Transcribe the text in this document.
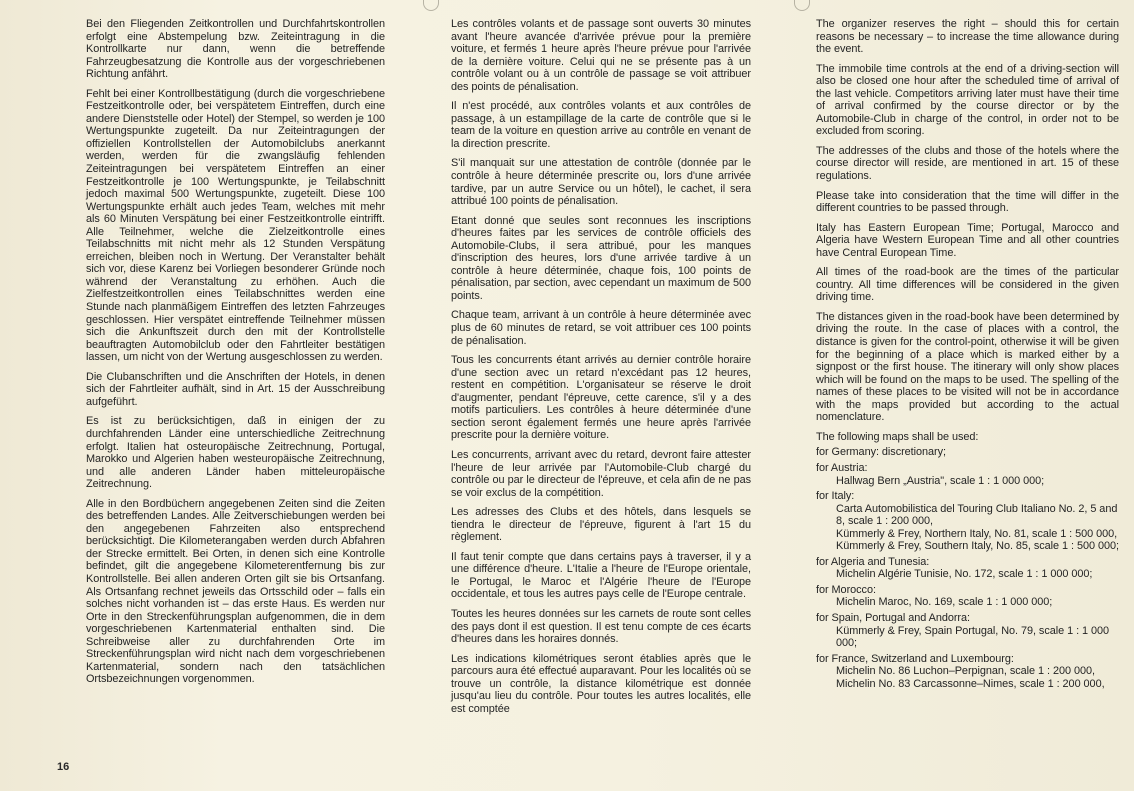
Bei den Fliegenden Zeitkontrollen und Durchfahrtskontrollen erfolgt eine Abstempelung bzw. Zeiteintragung in die Kontrollkarte nur dann, wenn die betreffende Fahrzeugbesatzung die Kontrolle aus der vorgeschriebenen Richtung anfährt.

Fehlt bei einer Kontrollbestätigung (durch die vorgeschriebene Festzeitkontrolle oder, bei verspätetem Eintreffen, durch eine andere Dienststelle oder Hotel) der Stempel, so werden je 100 Wertungspunkte zugeteilt. Da nur Zeiteintragungen der offiziellen Kontrollstellen der Automobilclubs anerkannt werden, werden für die zwangsläufig fehlenden Zeiteintragungen bei verspätetem Eintreffen an einer Festzeitkontrolle je 100 Wertungspunkte, je Teilabschnitt jedoch maximal 500 Wertungspunkte, zugeteilt. Diese 100 Wertungspunkte erhält auch jedes Team, welches mit mehr als 60 Minuten Verspätung bei einer Festzeitkontrolle eintrifft. Alle Teilnehmer, welche die Zielzeitkontrolle eines Teilabschnitts mit nicht mehr als 12 Stunden Verspätung erreichen, bleiben noch in Wertung. Der Veranstalter behält sich vor, diese Karenz bei Vorliegen besonderer Gründe noch während der Veranstaltung zu erhöhen. Auch die Zielfestzeitkontrollen eines Teilabschnittes werden eine Stunde nach planmäßigem Eintreffen des letzten Fahrzeuges geschlossen. Hier verspätet eintreffende Teilnehmer müssen sich die Ankunftszeit durch den mit der Kontrollstelle beauftragten Automobilclub oder den Fahrtleiter bestätigen lassen, um nicht von der Wertung ausgeschlossen zu werden.

Die Clubanschriften und die Anschriften der Hotels, in denen sich der Fahrtleiter aufhält, sind in Art. 15 der Ausschreibung aufgeführt.

Es ist zu berücksichtigen, daß in einigen der zu durchfahrenden Länder eine unterschiedliche Zeitrechnung erfolgt. Italien hat osteuropäische Zeitrechnung, Portugal, Marokko und Algerien haben westeuropäische Zeitrechnung, und alle anderen Länder haben mitteleuropäische Zeitrechnung.

Alle in den Bordbüchern angegebenen Zeiten sind die Zeiten des betreffenden Landes. Alle Zeitverschiebungen werden bei den angegebenen Fahrzeiten also entsprechend berücksichtigt. Die Kilometerangaben werden durch Abfahren der Strecke ermittelt. Bei Orten, in denen sich eine Kontrolle befindet, gilt die angegebene Kilometerentfernung bis zur Kontrollstelle. Bei allen anderen Orten gilt sie bis Ortsanfang. Als Ortsanfang rechnet jeweils das Ortsschild oder – falls ein solches nicht vorhanden ist – das erste Haus. Es werden nur Orte in den Streckenführungsplan aufgenommen, die in dem vorgeschriebenen Kartenmaterial enthalten sind. Die Schreibweise aller zu durchfahrenden Orte im Streckenführungsplan wird nicht nach dem vorgeschriebenen Kartenmaterial, sondern nach den tatsächlichen Ortsbezeichnungen vorgenommen.

Les contrôles volants et de passage sont ouverts 30 minutes avant l'heure avancée d'arrivée prévue pour la première voiture, et fermés 1 heure après l'heure prévue pour l'arrivée de la dernière voiture. Celui qui ne se présente pas à un contrôle volant ou à un contrôle de passage se voit attribuer des points de pénalisation.

Il n'est procédé, aux contrôles volants et aux contrôles de passage, à un estampillage de la carte de contrôle que si le team de la voiture en question arrive au contrôle en venant de la direction prescrite.

S'il manquait sur une attestation de contrôle (donnée par le contrôle à heure déterminée prescrite ou, lors d'une arrivée tardive, par un autre Service ou un hôtel), le cachet, il sera attribué 100 points de pénalisation.

Etant donné que seules sont reconnues les inscriptions d'heures faites par les services de contrôle officiels des Automobile-Clubs, il sera attribué, pour les manques d'inscription des heures, lors d'une arrivée tardive à un contrôle à heure déterminée, chaque fois, 100 points de pénalisation, par section, avec cependant un maximum de 500 points.

Chaque team, arrivant à un contrôle à heure déterminée avec plus de 60 minutes de retard, se voit attribuer ces 100 points de pénalisation.

Tous les concurrents étant arrivés au dernier contrôle horaire d'une section avec un retard n'excédant pas 12 heures, restent en compétition. L'organisateur se réserve le droit d'augmenter, pendant l'épreuve, cette carence, s'il y a des motifs particuliers. Les contrôles à heure déterminée d'une section seront également fermés une heure après l'arrivée prescrite pour la dernière voiture.

Les concurrents, arrivant avec du retard, devront faire attester l'heure de leur arrivée par l'Automobile-Club chargé du contrôle ou par le directeur de l'épreuve, et cela afin de ne pas se voir exclus de la compétition.

Les adresses des Clubs et des hôtels, dans lesquels se tiendra le directeur de l'épreuve, figurent à l'art 15 du règlement.

Il faut tenir compte que dans certains pays à traverser, il y a une différence d'heure. L'Italie a l'heure de l'Europe orientale, le Portugal, le Maroc et l'Algérie l'heure de l'Europe occidentale, et tous les autres pays celle de l'Europe centrale.

Toutes les heures données sur les carnets de route sont celles des pays dont il est question. Il est tenu compte de ces écarts d'heures dans les horaires donnés.

Les indications kilométriques seront établies après que le parcours aura été effectué auparavant. Pour les localités où se trouve un contrôle, la distance kilométrique est donnée jusqu'au lieu du contrôle. Pour toutes les autres localités, elle est comptée

The organizer reserves the right – should this for certain reasons be necessary – to increase the time allowance during the event.

The immobile time controls at the end of a driving-section will also be closed one hour after the scheduled time of arrival of the last vehicle. Competitors arriving later must have their time of arrival confirmed by the course director or by the Automobile-Club in charge of the control, in order not to be excluded from scoring.

The addresses of the clubs and those of the hotels where the course director will reside, are mentioned in art. 15 of these regulations.

Please take into consideration that the time will differ in the different countries to be passed through.

Italy has Eastern European Time; Portugal, Marocco and Algeria have Western European Time and all other countries have Central European Time.

All times of the road-book are the times of the particular country. All time differences will be considered in the given driving time.

The distances given in the road-book have been determined by driving the route. In the case of places with a control, the distance is given for the control-point, otherwise it will be given for the beginning of a place which is marked either by a signpost or the first house. The itinerary will only show places which will be found on the maps to be used. The spelling of the names of these places to be visited will not be in accordance with the maps provided but according to the actual nomenclature.

The following maps shall be used:

for Germany: discretionary;
for Austria:
Hallwag Bern „Austria", scale 1 : 1 000 000;
for Italy:
Carta Automobilistica del Touring Club Italiano No. 2, 5 and 8, scale 1 : 200 000,
Kümmerly & Frey, Northern Italy, No. 81, scale 1 : 500 000,
Kümmerly & Frey, Southern Italy, No. 85, scale 1 : 500 000;
for Algeria and Tunesia:
Michelin Algérie Tunisie, No. 172, scale 1 : 1 000 000;
for Morocco:
Michelin Maroc, No. 169, scale 1 : 1 000 000;
for Spain, Portugal and Andorra:
Kümmerly & Frey, Spain Portugal, No. 79, scale 1 : 1 000 000;
for France, Switzerland and Luxembourg:
Michelin No. 86 Luchon–Perpignan, scale 1 : 200 000,
Michelin No. 83 Carcassonne–Nimes, scale 1 : 200 000,
16
